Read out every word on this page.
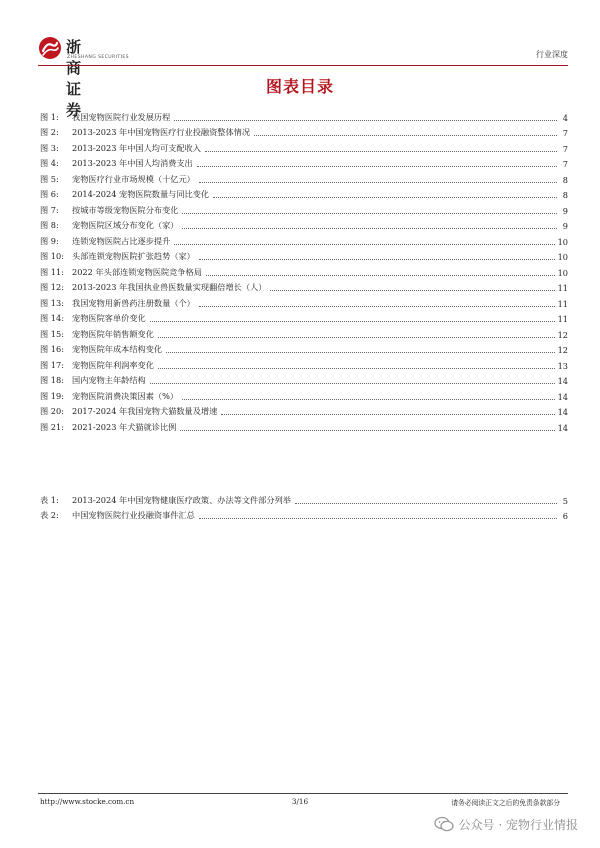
浙商证券
ZHESHANG SECURITIES	行业深度
图表目录
图 1:	我国宠物医院行业发展历程	4
图 2:	2013-2023 年中国宠物医疗行业投融资整体情况	7
图 3:	2013-2023 年中国人均可支配收入	7
图 4:	2013-2023 年中国人均消费支出	7
图 5:	宠物医疗行业市场规模（十亿元）	8
图 6:	2014-2024 宠物医院数量与同比变化	8
图 7:	按城市等级宠物医院分布变化	9
图 8:	宠物医院区域分布变化（家）	9
图 9:	连锁宠物医院占比逐步提升	10
图 10: 头部连锁宠物医院扩张趋势（家）	10
图 11: 2022 年头部连锁宠物医院竞争格局	10
图 12: 2013-2023 年我国执业兽医数量实现翻倍增长（人）	11
图 13: 我国宠物用新兽药注册数量（个）	11
图 14: 宠物医院客单价变化	11
图 15: 宠物医院年销售额变化	12
图 16: 宠物医院年成本结构变化	12
图 17: 宠物医院年利润率变化	13
图 18: 国内宠物主年龄结构	14
图 19: 宠物医院消费决策因素（%）	14
图 20: 2017-2024 年我国宠物犬猫数量及增速	14
图 21: 2021-2023 年犬猫就诊比例	14
表 1:	2013-2024 年中国宠物健康医疗政策、办法等文件部分列举	5
表 2:	中国宠物医院行业投融资事件汇总	6
http://www.stocke.com.cn	3/16	请务必阅读正文之后的免责条款部分
公众号 · 宠物行业情报
